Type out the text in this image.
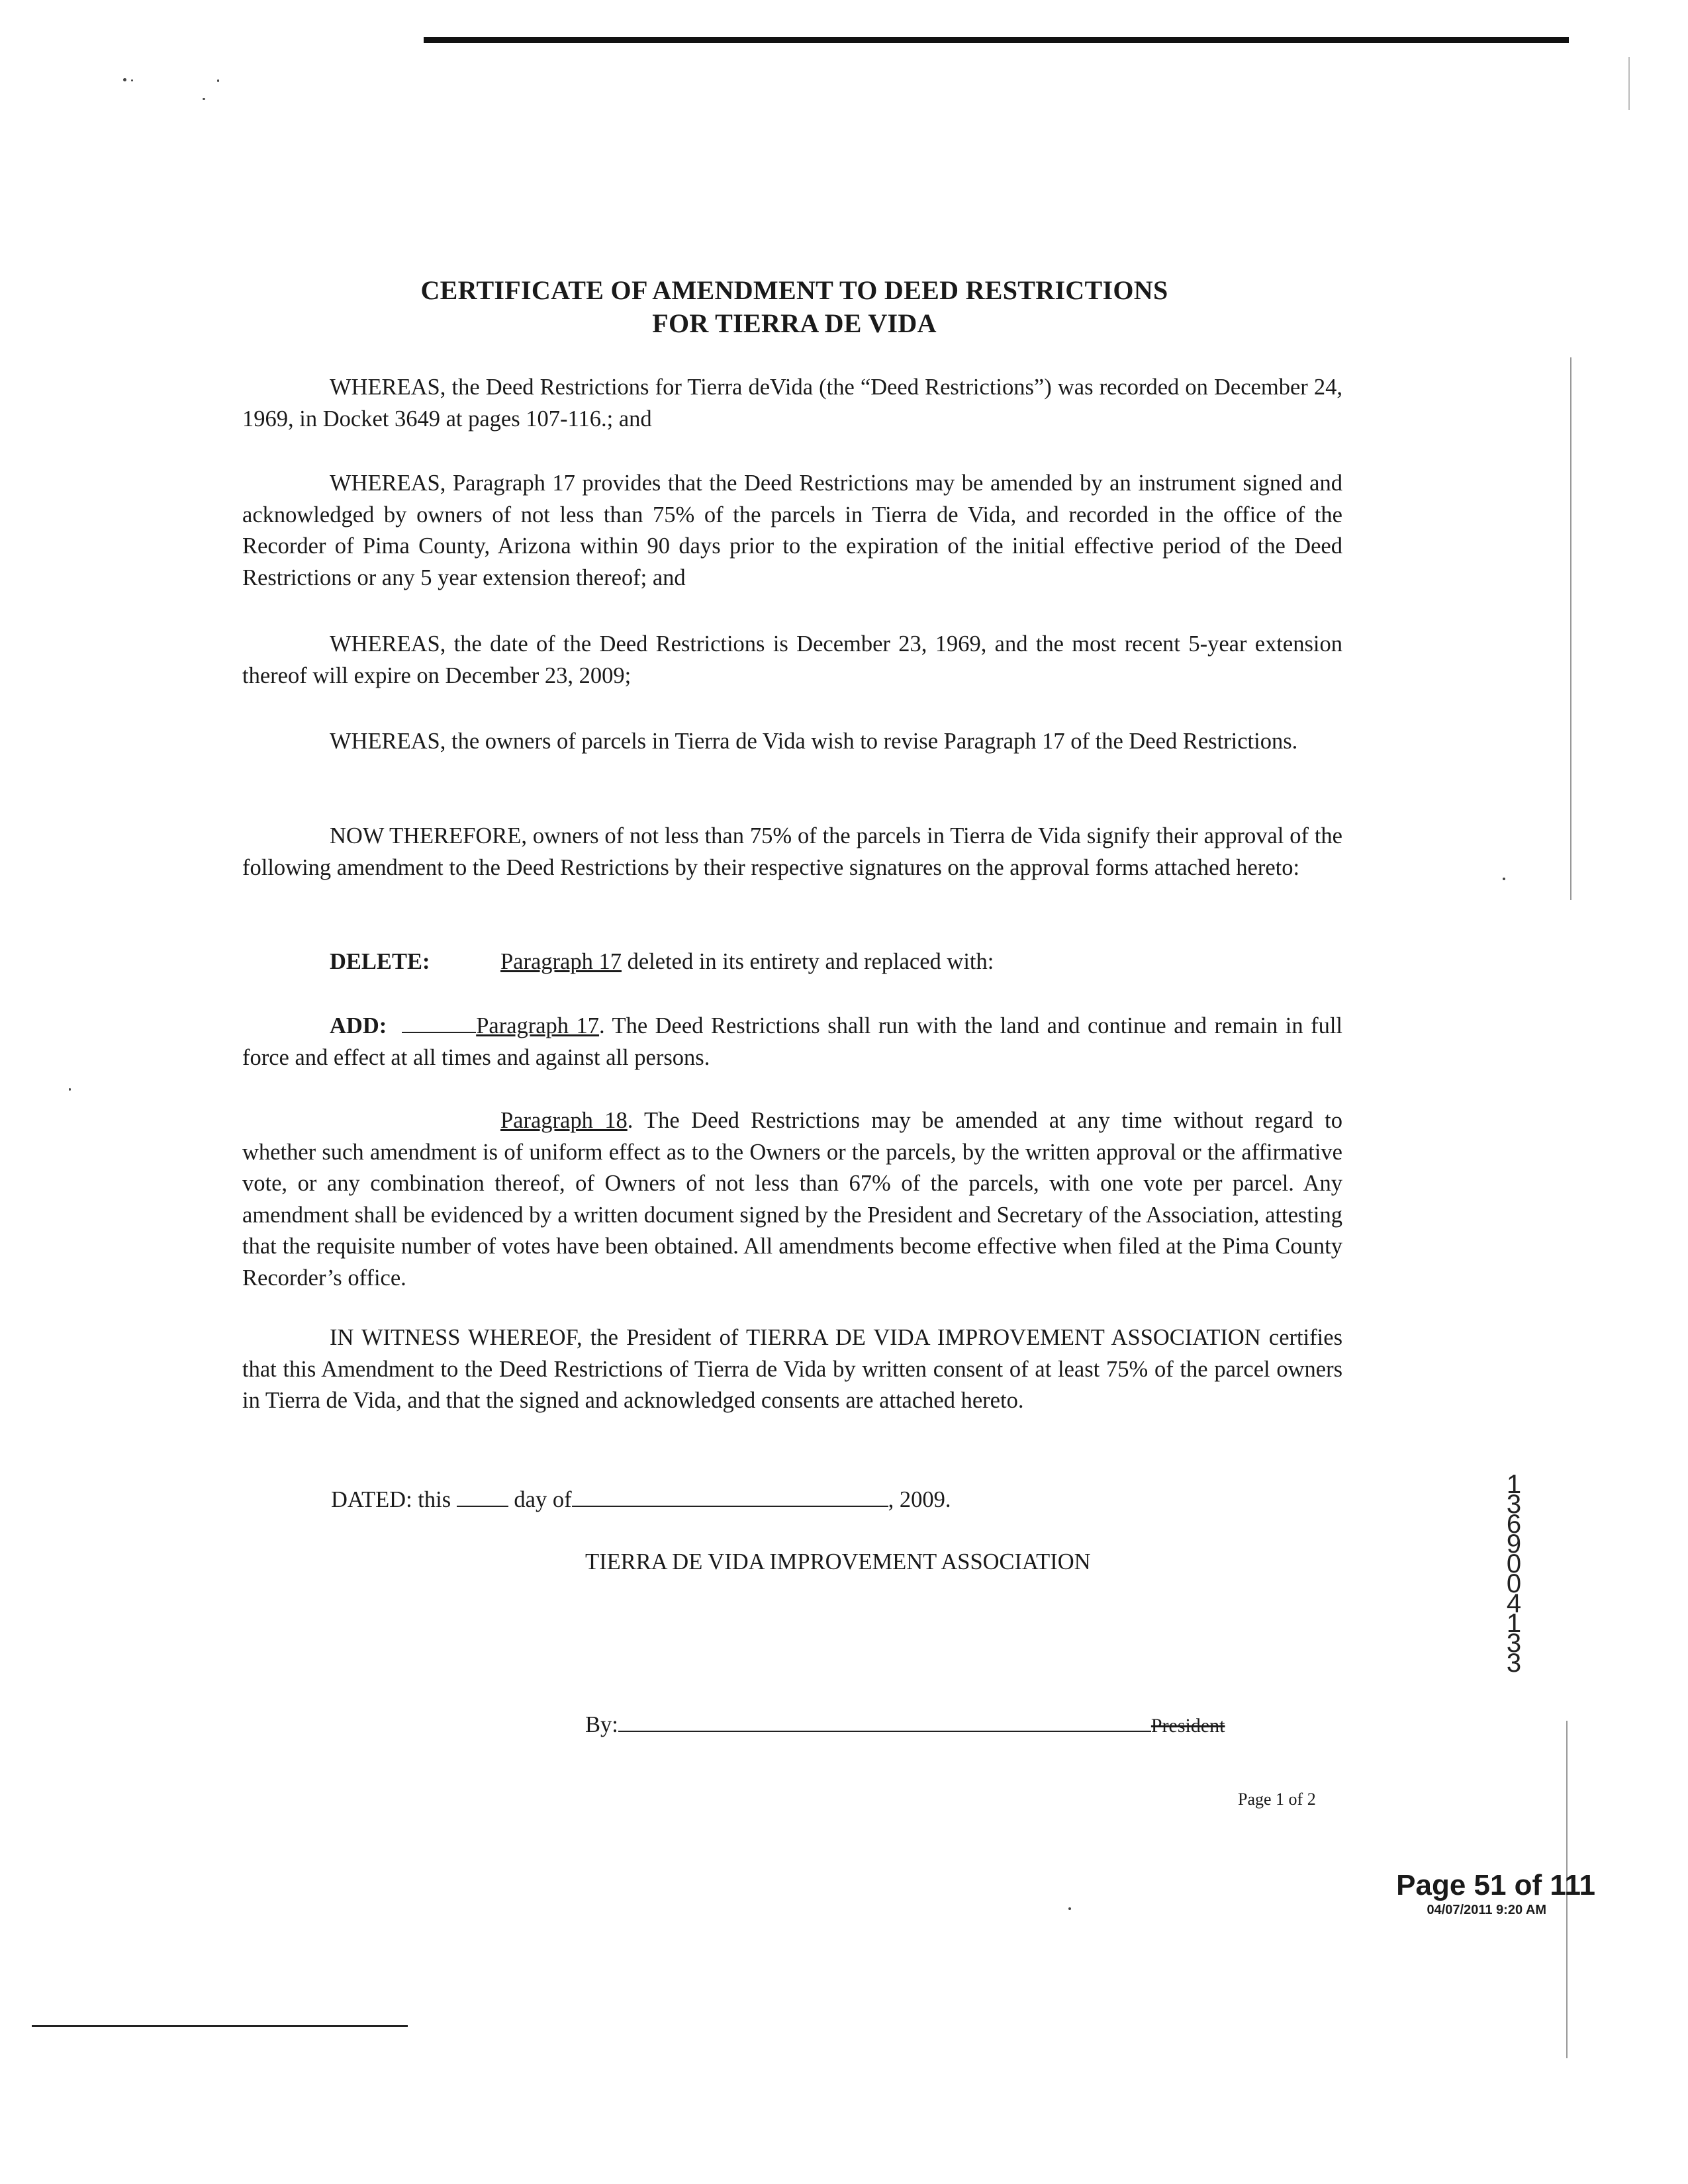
CERTIFICATE OF AMENDMENT TO DEED RESTRICTIONS
FOR TIERRA DE VIDA

WHEREAS, the Deed Restrictions for Tierra deVida (the “Deed Restrictions”) was recorded on December 24, 1969, in Docket 3649 at pages 107-116.; and

WHEREAS, Paragraph 17 provides that the Deed Restrictions may be amended by an instrument signed and acknowledged by owners of not less than 75% of the parcels in Tierra de Vida, and recorded in the office of the Recorder of Pima County, Arizona within 90 days prior to the expiration of the initial effective period of the Deed Restrictions or any 5 year extension thereof; and

WHEREAS, the date of the Deed Restrictions is December 23, 1969, and the most recent 5-year extension thereof will expire on December 23, 2009;

WHEREAS, the owners of parcels in Tierra de Vida wish to revise Paragraph 17 of the Deed Restrictions.

NOW THEREFORE, owners of not less than 75% of the parcels in Tierra de Vida signify their approval of the following amendment to the Deed Restrictions by their respective signatures on the approval forms attached hereto:

DELETE:	Paragraph 17 deleted in its entirety and replaced with:

ADD:	Paragraph 17. The Deed Restrictions shall run with the land and continue and remain in full force and effect at all times and against all persons.

Paragraph 18. The Deed Restrictions may be amended at any time without regard to whether such amendment is of uniform effect as to the Owners or the parcels, by the written approval or the affirmative vote, or any combination thereof, of Owners of not less than 67% of the parcels, with one vote per parcel. Any amendment shall be evidenced by a written document signed by the President and Secretary of the Association, attesting that the requisite number of votes have been obtained. All amendments become effective when filed at the Pima County Recorder’s office.

IN WITNESS WHEREOF, the President of TIERRA DE VIDA IMPROVEMENT ASSOCIATION certifies that this Amendment to the Deed Restrictions of Tierra de Vida by written consent of at least 75% of the parcel owners in Tierra de Vida, and that the signed and acknowledged consents are attached hereto.

DATED: this	day of	, 2009.
TIERRA DE VIDA IMPROVEMENT ASSOCIATION
By:	President
Page 1 of 2
Page 51 of 111
04/07/2011 9:20 AM
13690 04133
